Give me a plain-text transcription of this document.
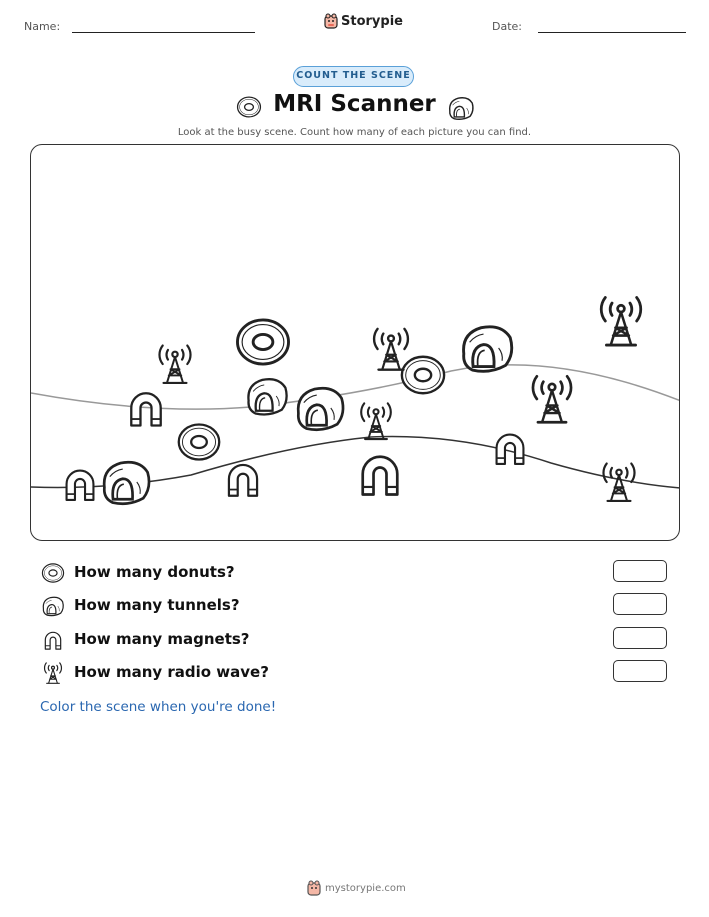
Name:	Date:
Storypie
COUNT THE SCENE
MRI Scanner
Look at the busy scene. Count how many of each picture you can find.
How many donuts?
How many tunnels?
How many magnets?
How many radio wave?
Color the scene when you're done!
mystorypie.com
